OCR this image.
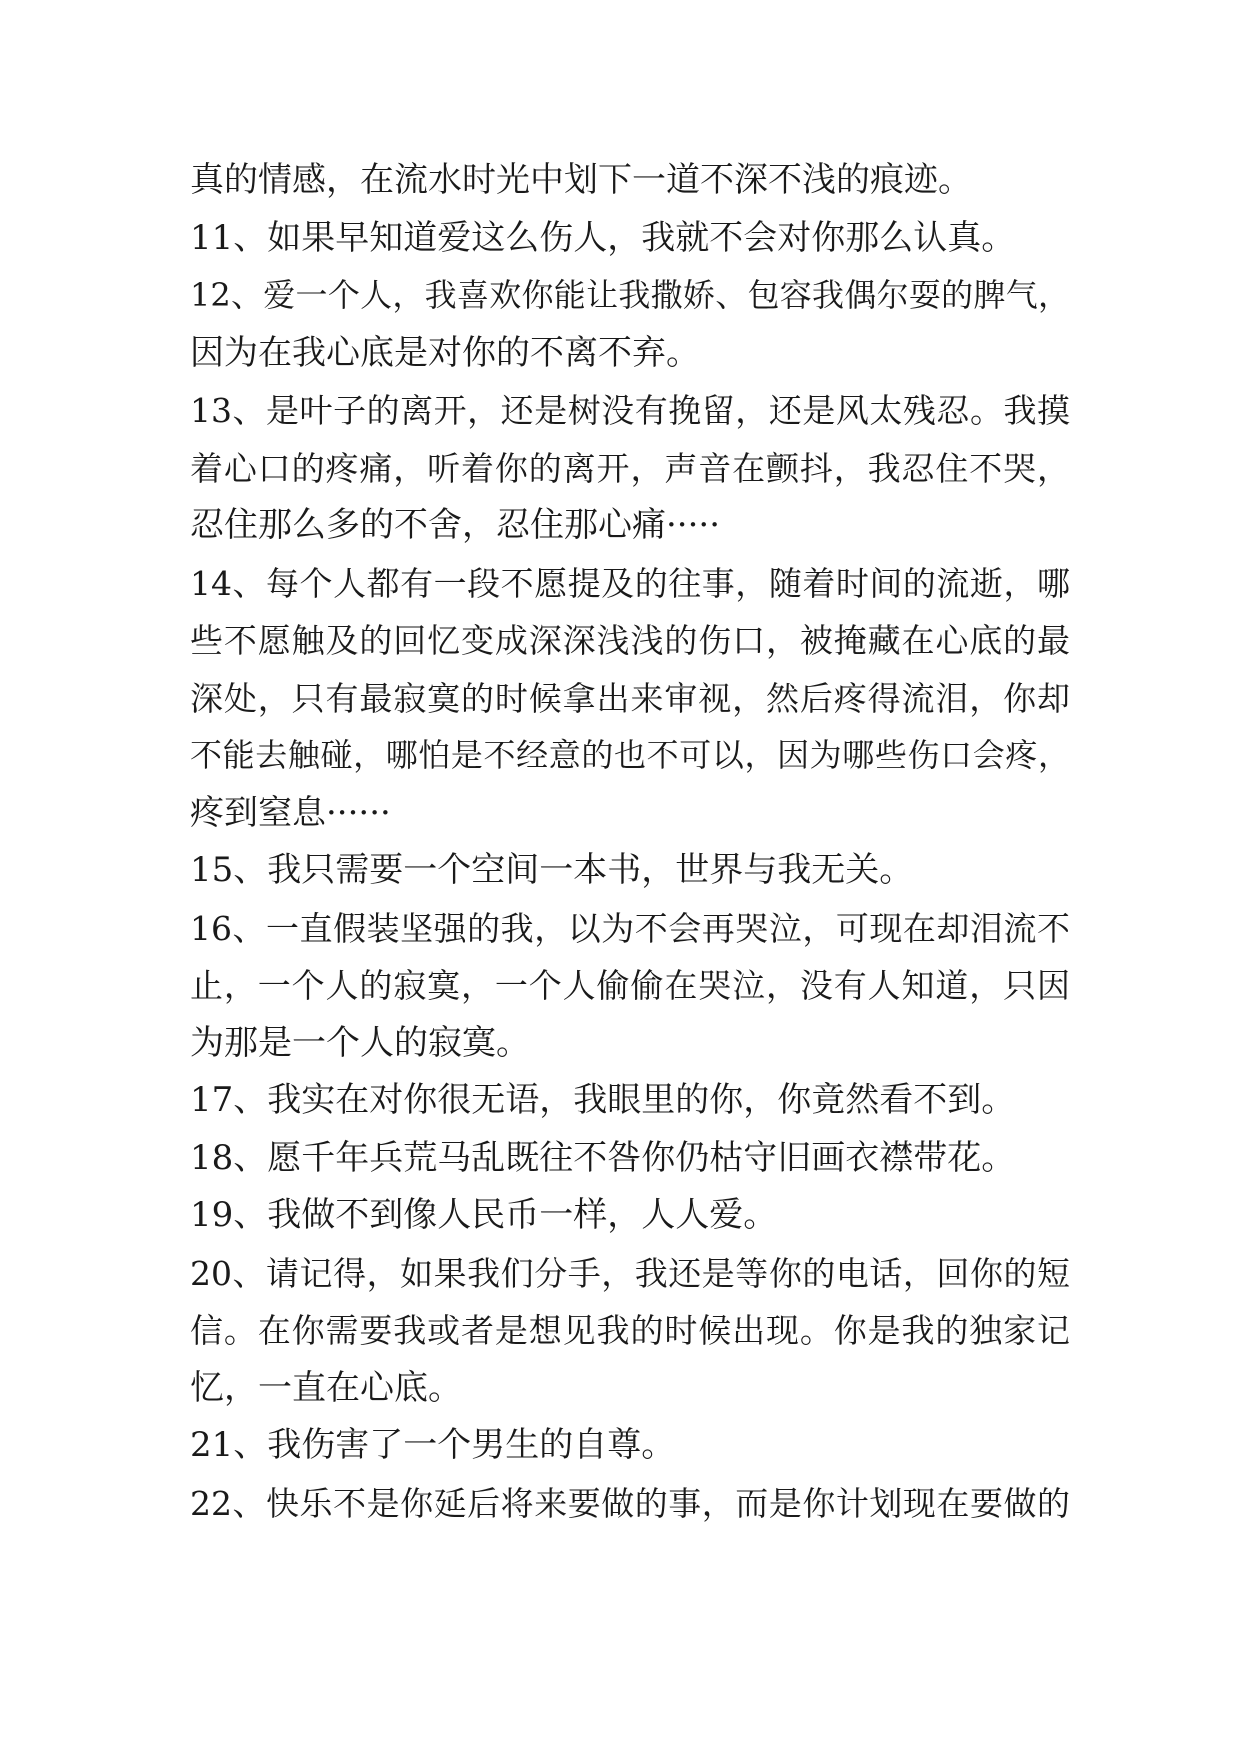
真的情感，在流水时光中划下一道不深不浅的痕迹。
11、如果早知道爱这么伤人，我就不会对你那么认真。
12、爱一个人，我喜欢你能让我撒娇、包容我偶尔耍的脾气，
因为在我心底是对你的不离不弃。
13、是叶子的离开，还是树没有挽留，还是风太残忍。我摸
着心口的疼痛，听着你的离开，声音在颤抖，我忍住不哭，
忍住那么多的不舍，忍住那心痛·····
14、每个人都有一段不愿提及的往事，随着时间的流逝，哪
些不愿触及的回忆变成深深浅浅的伤口，被掩藏在心底的最
深处，只有最寂寞的时候拿出来审视，然后疼得流泪，你却
不能去触碰，哪怕是不经意的也不可以，因为哪些伤口会疼，
疼到窒息······
15、我只需要一个空间一本书，世界与我无关。
16、一直假装坚强的我，以为不会再哭泣，可现在却泪流不
止，一个人的寂寞，一个人偷偷在哭泣，没有人知道，只因
为那是一个人的寂寞。
17、我实在对你很无语，我眼里的你，你竟然看不到。
18、愿千年兵荒马乱既往不咎你仍枯守旧画衣襟带花。
19、我做不到像人民币一样，人人爱。
20、请记得，如果我们分手，我还是等你的电话，回你的短
信。在你需要我或者是想见我的时候出现。你是我的独家记
忆，一直在心底。
21、我伤害了一个男生的自尊。
22、快乐不是你延后将来要做的事，而是你计划现在要做的
